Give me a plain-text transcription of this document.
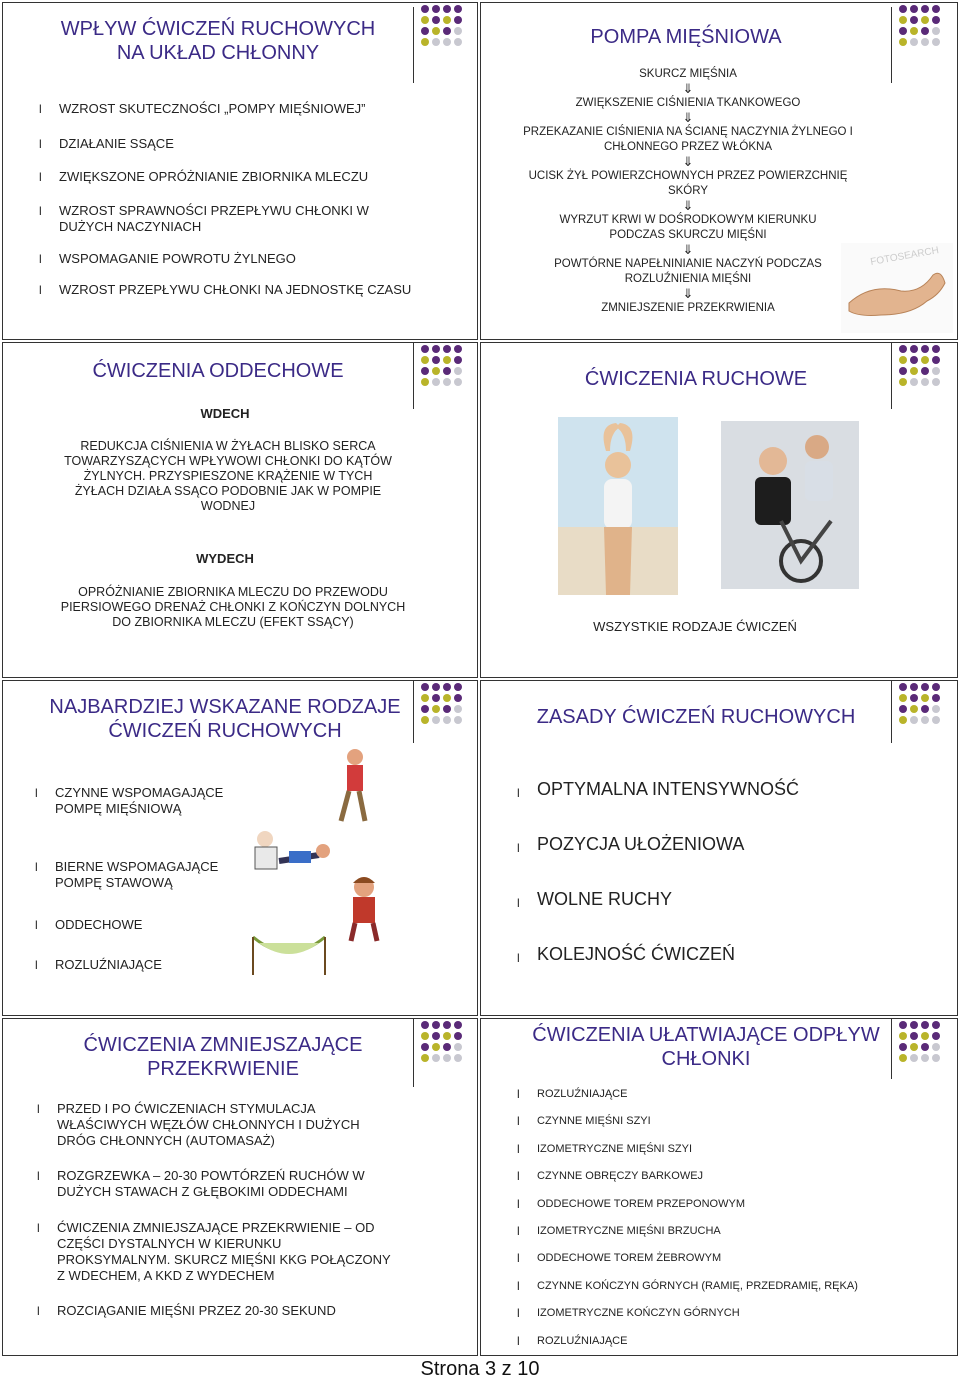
WPŁYW ĆWICZEŃ RUCHOWYCH
NA UKŁAD CHŁONNY
l WZROST SKUTECZNOŚCI „POMPY MIĘŚNIOWEJ”
l DZIAŁANIE SSĄCE
l ZWIĘKSZONE OPRÓŻNIANIE ZBIORNIKA MLECZU
l WZROST SPRAWNOŚCI PRZEPŁYWU CHŁONKI W DUŻYCH NACZYNIACH
l WSPOMAGANIE POWROTU ŻYLNEGO
l WZROST PRZEPŁYWU CHŁONKI NA JEDNOSTKĘ CZASU
POMPA MIĘŚNIOWA
SKURCZ MIĘŚNIA
⇓
ZWIĘKSZENIE CIŚNIENIA TKANKOWEGO
⇓
PRZEKAZANIE CIŚNIENIA NA ŚCIANĘ NACZYNIA ŻYLNEGO I CHŁONNEGO PRZEZ WŁÓKNA
⇓
UCISK ŻYŁ POWIERZCHOWNYCH PRZEZ POWIERZCHNIĘ SKÓRY
⇓
WYRZUT KRWI W DOŚRODKOWYM KIERUNKU PODCZAS SKURCZU MIĘŚNI
⇓
POWTÓRNE NAPEŁNINIANIE NACZYŃ PODCZAS ROZLUŹNIENIA MIĘŚNI
⇓
ZMNIEJSZENIE PRZEKRWIENIA
FOTOSEARCH
ĆWICZENIA ODDECHOWE
WDECH
REDUKCJA CIŚNIENIA W ŻYŁACH BLISKO SERCA TOWARZYSZĄCYCH WPŁYWOWI CHŁONKI DO KĄTÓW ŻYLNYCH. PRZYSPIESZONE KRĄŻENIE W TYCH ŻYŁACH DZIAŁA SSĄCO PODOBNIE JAK W POMPIE WODNEJ
WYDECH
OPRÓŻNIANIE ZBIORNIKA MLECZU DO PRZEWODU PIERSIOWEGO DRENAŻ CHŁONKI Z KOŃCZYN DOLNYCH DO ZBIORNIKA MLECZU (EFEKT SSĄCY)
ĆWICZENIA RUCHOWE
WSZYSTKIE RODZAJE ĆWICZEŃ
NAJBARDZIEJ WSKAZANE RODZAJE
ĆWICZEŃ RUCHOWYCH
l CZYNNE WSPOMAGAJĄCE POMPĘ MIĘŚNIOWĄ
l BIERNE WSPOMAGAJĄCE POMPĘ STAWOWĄ
l ODDECHOWE
l ROZLUŹNIAJĄCE
ZASADY ĆWICZEŃ RUCHOWYCH
l OPTYMALNA INTENSYWNOŚĆ
l POZYCJA UŁOŻENIOWA
l WOLNE RUCHY
l KOLEJNOŚĆ ĆWICZEŃ
ĆWICZENIA ZMNIEJSZAJĄCE
PRZEKRWIENIE
l PRZED I PO ĆWICZENIACH STYMULACJA WŁAŚCIWYCH WĘZŁÓW CHŁONNYCH I DUŻYCH DRÓG CHŁONNYCH (AUTOMASAŻ)
l ROZGRZEWKA – 20-30 POWTÓRZEŃ RUCHÓW W DUŻYCH STAWACH Z GŁĘBOKIMI ODDECHAMI
l ĆWICZENIA ZMNIEJSZAJĄCE PRZEKRWIENIE – OD CZĘŚCI DYSTALNYCH W KIERUNKU PROKSYMALNYM. SKURCZ MIĘŚNI KKG POŁĄCZONY Z WDECHEM, A KKD Z WYDECHEM
l ROZCIĄGANIE MIĘŚNI PRZEZ 20-30 SEKUND
ĆWICZENIA UŁATWIAJĄCE ODPŁYW
CHŁONKI
l ROZLUŹNIAJĄCE
l CZYNNE MIĘŚNI SZYI
l IZOMETRYCZNE MIĘŚNI SZYI
l CZYNNE OBRĘCZY BARKOWEJ
l ODDECHOWE TOREM PRZEPONOWYM
l IZOMETRYCZNE MIĘŚNI BRZUCHA
l ODDECHOWE TOREM ŻEBROWYM
l CZYNNE KOŃCZYN GÓRNYCH (RAMIĘ, PRZEDRAMIĘ, RĘKA)
l IZOMETRYCZNE KOŃCZYN GÓRNYCH
l ROZLUŹNIAJĄCE
Strona 3 z 10
